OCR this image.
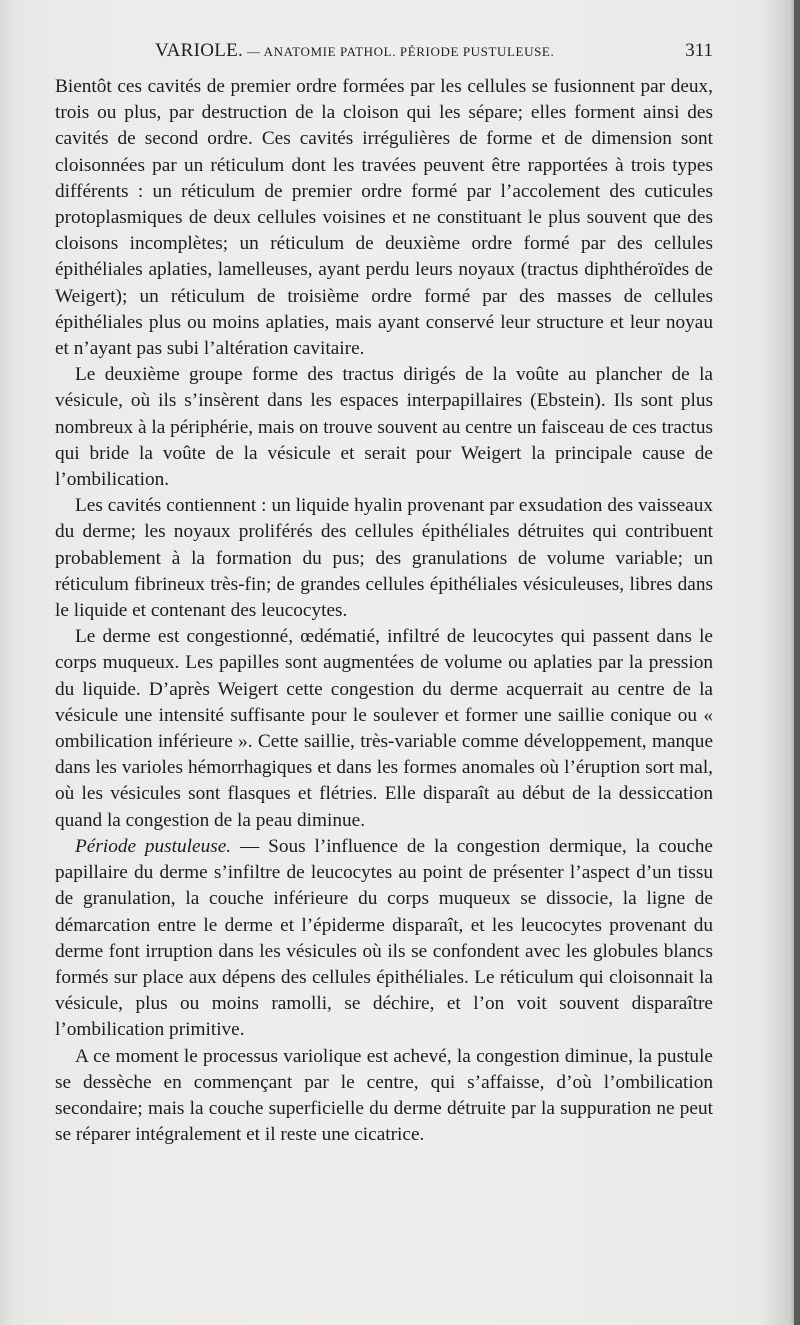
VARIOLE. — ANATOMIE PATHOL. PÉRIODE PUSTULEUSE.	311

Bientôt ces cavités de premier ordre formées par les cellules se fusionnent par deux, trois ou plus, par destruction de la cloison qui les sépare; elles forment ainsi des cavités de second ordre. Ces cavités irrégulières de forme et de dimension sont cloisonnées par un réticulum dont les travées peuvent être rapportées à trois types différents : un réticulum de premier ordre formé par l’accolement des cuticules protoplasmiques de deux cellules voisines et ne constituant le plus souvent que des cloisons incomplètes; un réticulum de deuxième ordre formé par des cellules épithéliales aplaties, lamelleuses, ayant perdu leurs noyaux (tractus diphthéroïdes de Weigert); un réticulum de troisième ordre formé par des masses de cellules épithéliales plus ou moins aplaties, mais ayant conservé leur structure et leur noyau et n’ayant pas subi l’altération cavitaire.

Le deuxième groupe forme des tractus dirigés de la voûte au plancher de la vésicule, où ils s’insèrent dans les espaces interpapillaires (Ebstein). Ils sont plus nombreux à la périphérie, mais on trouve souvent au centre un faisceau de ces tractus qui bride la voûte de la vésicule et serait pour Weigert la principale cause de l’ombilication.

Les cavités contiennent : un liquide hyalin provenant par exsudation des vaisseaux du derme; les noyaux proliférés des cellules épithéliales détruites qui contribuent probablement à la formation du pus; des granulations de volume variable; un réticulum fibrineux très-fin; de grandes cellules épithéliales vésiculeuses, libres dans le liquide et contenant des leucocytes.

Le derme est congestionné, œdématié, infiltré de leucocytes qui passent dans le corps muqueux. Les papilles sont augmentées de volume ou aplaties par la pression du liquide. D’après Weigert cette congestion du derme acquerrait au centre de la vésicule une intensité suffisante pour le soulever et former une saillie conique ou « ombilication inférieure ». Cette saillie, très-variable comme développement, manque dans les varioles hémorrhagiques et dans les formes anomales où l’éruption sort mal, où les vésicules sont flasques et flétries. Elle disparaît au début de la dessiccation quand la congestion de la peau diminue.

Période pustuleuse. — Sous l’influence de la congestion dermique, la couche papillaire du derme s’infiltre de leucocytes au point de présenter l’aspect d’un tissu de granulation, la couche inférieure du corps muqueux se dissocie, la ligne de démarcation entre le derme et l’épiderme disparaît, et les leucocytes provenant du derme font irruption dans les vésicules où ils se confondent avec les globules blancs formés sur place aux dépens des cellules épithéliales. Le réticulum qui cloisonnait la vésicule, plus ou moins ramolli, se déchire, et l’on voit souvent disparaître l’ombilication primitive.

A ce moment le processus variolique est achevé, la congestion diminue, la pustule se dessèche en commençant par le centre, qui s’affaisse, d’où l’ombilication secondaire; mais la couche superficielle du derme détruite par la suppuration ne peut se réparer intégralement et il reste une cicatrice.
